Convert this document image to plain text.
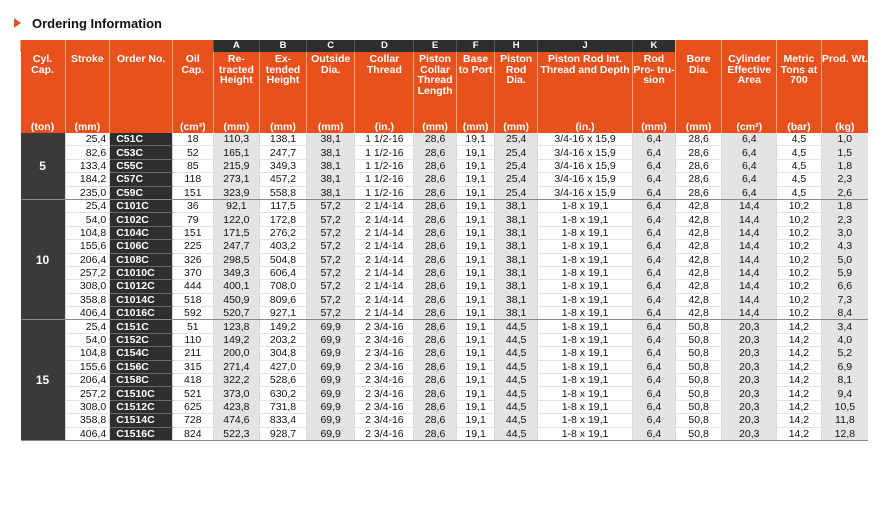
Ordering Information
				A	B	C	D	E	F	H	J	K				
Cyl. Cap.	Stroke	Order No.	Oil Cap.	Re- tracted Height	Ex- tended Height	Outside Dia.	Collar Thread	Piston Collar Thread Length	Base to Port	Piston Rod Dia.	Piston Rod Int. Thread and Depth	Rod Pro- tru- sion	Bore Dia.	Cylinder Effective Area	Metric Tons at 700	Prod. Wt.
(ton)	(mm)		(cm³)	(mm)	(mm)	(mm)	(in.)	(mm)	(mm)	(mm)	(in.)	(mm)	(mm)	(cm²)	(bar)	(kg)
5	25,4	C51C	18	110,3	138,1	38,1	1 1/2-16	28,6	19,1	25,4	3/4-16 x 15,9	6,4	28,6	6,4	4,5	1,0
	82,6	C53C	52	165,1	247,7	38,1	1 1/2-16	28,6	19,1	25,4	3/4-16 x 15,9	6,4	28,6	6,4	4,5	1,5
	133,4	C55C	85	215,9	349,3	38,1	1 1/2-16	28,6	19,1	25,4	3/4-16 x 15,9	6,4	28,6	6,4	4,5	1,8
	184,2	C57C	118	273,1	457,2	38,1	1 1/2-16	28,6	19,1	25,4	3/4-16 x 15,9	6,4	28,6	6,4	4,5	2,3
	235,0	C59C	151	323,9	558,8	38,1	1 1/2-16	28,6	19,1	25,4	3/4-16 x 15,9	6,4	28,6	6,4	4,5	2,6
10	25,4	C101C	36	92,1	117,5	57,2	2 1/4-14	28,6	19,1	38,1	1-8 x 19,1	6,4	42,8	14,4	10,2	1,8
	54,0	C102C	79	122,0	172,8	57,2	2 1/4-14	28,6	19,1	38,1	1-8 x 19,1	6,4	42,8	14,4	10,2	2,3
	104,8	C104C	151	171,5	276,2	57,2	2 1/4-14	28,6	19,1	38,1	1-8 x 19,1	6,4	42,8	14,4	10,2	3,0
	155,6	C106C	225	247,7	403,2	57,2	2 1/4-14	28,6	19,1	38,1	1-8 x 19,1	6,4	42,8	14,4	10,2	4,3
	206,4	C108C	326	298,5	504,8	57,2	2 1/4-14	28,6	19,1	38,1	1-8 x 19,1	6,4	42,8	14,4	10,2	5,0
	257,2	C1010C	370	349,3	606,4	57,2	2 1/4-14	28,6	19,1	38,1	1-8 x 19,1	6,4	42,8	14,4	10,2	5,9
	308,0	C1012C	444	400,1	708,0	57,2	2 1/4-14	28,6	19,1	38,1	1-8 x 19,1	6,4	42,8	14,4	10,2	6,6
	358,8	C1014C	518	450,9	809,6	57,2	2 1/4-14	28,6	19,1	38,1	1-8 x 19,1	6,4	42,8	14,4	10,2	7,3
	406,4	C1016C	592	520,7	927,1	57,2	2 1/4-14	28,6	19,1	38,1	1-8 x 19,1	6,4	42,8	14,4	10,2	8,4
15	25,4	C151C	51	123,8	149,2	69,9	2 3/4-16	28,6	19,1	44,5	1-8 x 19,1	6,4	50,8	20,3	14,2	3,4
	54,0	C152C	110	149,2	203,2	69,9	2 3/4-16	28,6	19,1	44,5	1-8 x 19,1	6,4	50,8	20,3	14,2	4,0
	104,8	C154C	211	200,0	304,8	69,9	2 3/4-16	28,6	19,1	44,5	1-8 x 19,1	6,4	50,8	20,3	14,2	5,2
	155,6	C156C	315	271,4	427,0	69,9	2 3/4-16	28,6	19,1	44,5	1-8 x 19,1	6,4	50,8	20,3	14,2	6,9
	206,4	C158C	418	322,2	528,6	69,9	2 3/4-16	28,6	19,1	44,5	1-8 x 19,1	6,4	50,8	20,3	14,2	8,1
	257,2	C1510C	521	373,0	630,2	69,9	2 3/4-16	28,6	19,1	44,5	1-8 x 19,1	6,4	50,8	20,3	14,2	9,4
	308,0	C1512C	625	423,8	731,8	69,9	2 3/4-16	28,6	19,1	44,5	1-8 x 19,1	6,4	50,8	20,3	14,2	10,5
	358,8	C1514C	728	474,6	833,4	69,9	2 3/4-16	28,6	19,1	44,5	1-8 x 19,1	6,4	50,8	20,3	14,2	11,8
	406,4	C1516C	824	522,3	928,7	69,9	2 3/4-16	28,6	19,1	44,5	1-8 x 19,1	6,4	50,8	20,3	14,2	12,8
